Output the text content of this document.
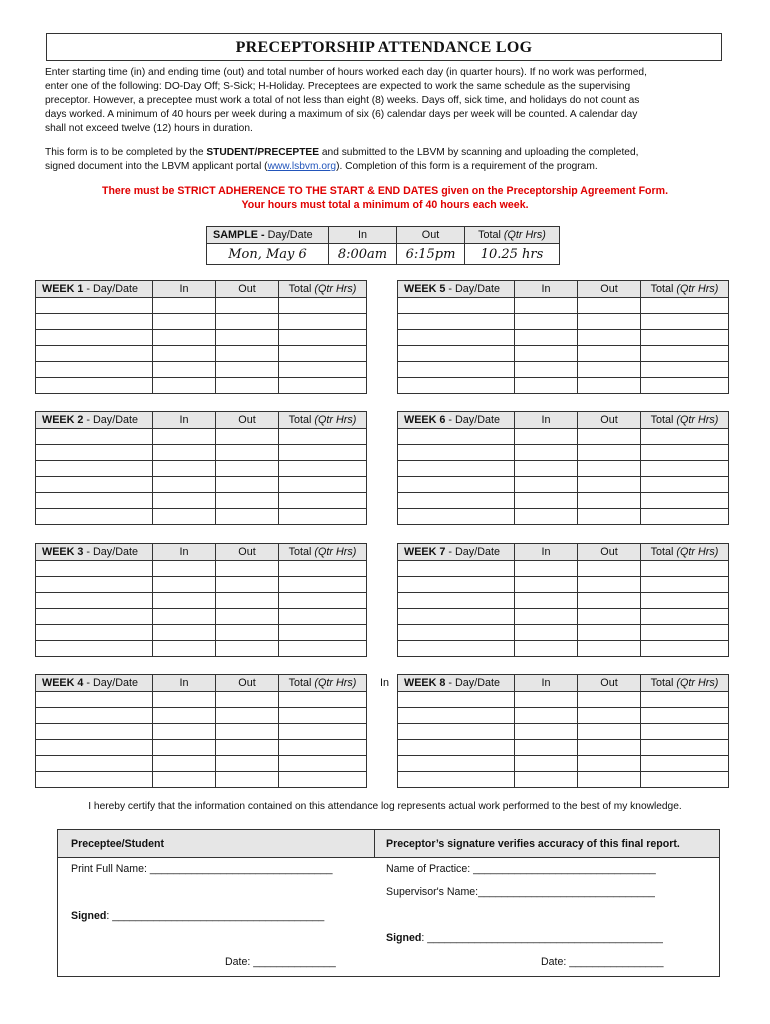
PRECEPTORSHIP ATTENDANCE LOG
Enter starting time (in) and ending time (out) and total number of hours worked each day (in quarter hours). If no work was performed,
enter one of the following: DO-Day Off; S-Sick; H-Holiday. Preceptees are expected to work the same schedule as the supervising
preceptor. However, a preceptee must work a total of not less than eight (8) weeks. Days off, sick time, and holidays do not count as
days worked. A minimum of 40 hours per week during a maximum of six (6) calendar days per week will be counted. A calendar day
shall not exceed twelve (12) hours in duration.
This form is to be completed by the STUDENT/PRECEPTEE and submitted to the LBVM by scanning and uploading the completed,
signed document into the LBVM applicant portal (www.lsbvm.org). Completion of this form is a requirement of the program.
There must be STRICT ADHERENCE TO THE START & END DATES given on the Preceptorship Agreement Form.
Your hours must total a minimum of 40 hours each week.
SAMPLE - Day/Date	In	Out	Total (Qtr Hrs)
Mon, May 6	8:00am	6:15pm	10.25 hrs
WEEK 1 - Day/Date	In	Out	Total (Qtr Hrs)

WEEK 2 - Day/Date	In	Out	Total (Qtr Hrs)

WEEK 3 - Day/Date	In	Out	Total (Qtr Hrs)

WEEK 4 - Day/Date	In	Out	Total (Qtr Hrs)

WEEK 5 - Day/Date	In	Out	Total (Qtr Hrs)

WEEK 6 - Day/Date	In	Out	Total (Qtr Hrs)

WEEK 7 - Day/Date	In	Out	Total (Qtr Hrs)

WEEK 8 - Day/Date	In	Out	Total (Qtr Hrs)

In
I hereby certify that the information contained on this attendance log represents actual work performed to the best of my knowledge.
Preceptee/Student	Preceptor’s signature verifies accuracy of this final report.
Print Full Name: _______________________________	Name of Practice: _______________________________
Supervisor's Name:______________________________
Signed: ____________________________________
Signed: ________________________________________
Date: ______________	Date: ________________
